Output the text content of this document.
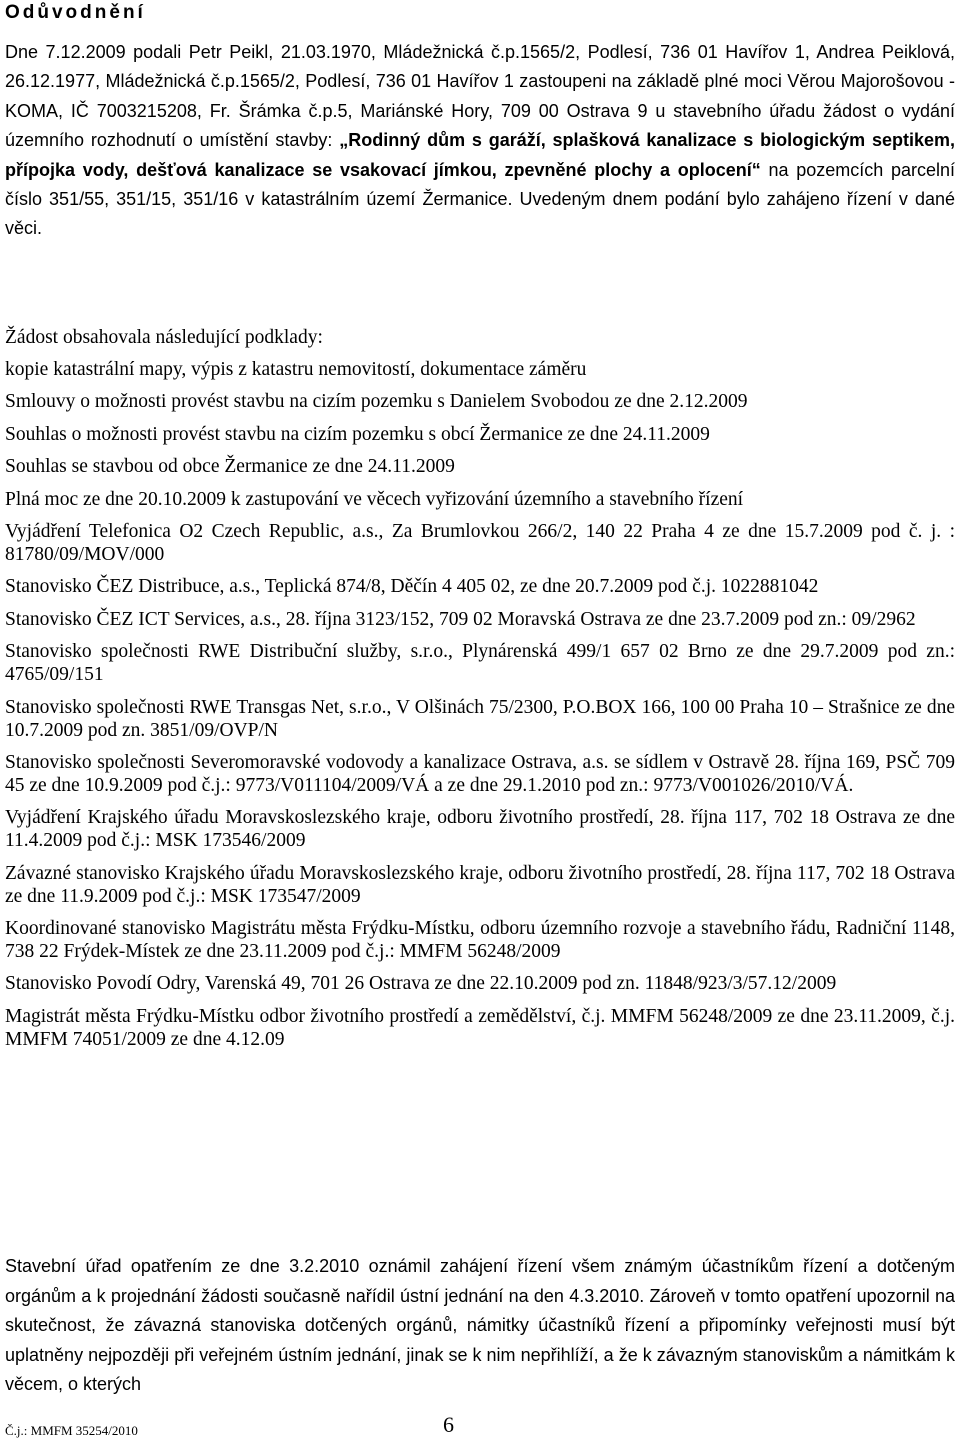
Odůvodnění

Dne 7.12.2009 podali Petr Peikl, 21.03.1970, Mládežnická č.p.1565/2, Podlesí, 736 01 Havířov 1, Andrea Peiklová, 26.12.1977, Mládežnická č.p.1565/2, Podlesí, 736 01 Havířov 1 zastoupeni na základě plné moci Věrou Majorošovou - KOMA, IČ 7003215208, Fr. Šrámka č.p.5, Mariánské Hory, 709 00 Ostrava 9 u stavebního úřadu žádost o vydání územního rozhodnutí o umístění stavby: „Rodinný dům s garáží, splašková kanalizace s biologickým septikem, přípojka vody, dešťová kanalizace se vsakovací jímkou, zpevněné plochy a oplocení“ na pozemcích parcelní číslo 351/55, 351/15, 351/16 v katastrálním území Žermanice. Uvedeným dnem podání bylo zahájeno řízení v dané věci.

Žádost obsahovala následující podklady:
kopie katastrální mapy, výpis z katastru nemovitostí, dokumentace záměru
Smlouvy o možnosti provést stavbu na cizím pozemku s Danielem Svobodou ze dne 2.12.2009
Souhlas o možnosti provést stavbu na cizím pozemku s obcí Žermanice ze dne 24.11.2009
Souhlas se stavbou od obce Žermanice ze dne 24.11.2009
Plná moc ze dne 20.10.2009 k zastupování ve věcech vyřizování územního a stavebního řízení
Vyjádření Telefonica O2 Czech Republic, a.s., Za Brumlovkou 266/2, 140 22 Praha 4 ze dne 15.7.2009 pod č. j. : 81780/09/MOV/000
Stanovisko ČEZ Distribuce, a.s., Teplická 874/8, Děčín 4 405 02, ze dne 20.7.2009 pod č.j. 1022881042
Stanovisko ČEZ ICT Services, a.s., 28. října 3123/152, 709 02 Moravská Ostrava ze dne 23.7.2009 pod zn.: 09/2962
Stanovisko společnosti RWE Distribuční služby, s.r.o., Plynárenská 499/1 657 02 Brno ze dne 29.7.2009 pod zn.: 4765/09/151
Stanovisko společnosti RWE Transgas Net, s.r.o., V Olšinách 75/2300, P.O.BOX 166, 100 00 Praha 10 – Strašnice ze dne 10.7.2009 pod zn. 3851/09/OVP/N
Stanovisko společnosti Severomoravské vodovody a kanalizace Ostrava, a.s. se sídlem v Ostravě 28. října 169, PSČ 709 45 ze dne 10.9.2009 pod č.j.: 9773/V011104/2009/VÁ a ze dne 29.1.2010 pod zn.: 9773/V001026/2010/VÁ.
Vyjádření Krajského úřadu Moravskoslezského kraje, odboru životního prostředí, 28. října 117, 702 18 Ostrava ze dne 11.4.2009 pod č.j.: MSK 173546/2009
Závazné stanovisko Krajského úřadu Moravskoslezského kraje, odboru životního prostředí, 28. října 117, 702 18 Ostrava ze dne 11.9.2009 pod č.j.: MSK 173547/2009
Koordinované stanovisko Magistrátu města Frýdku-Místku, odboru územního rozvoje a stavebního řádu, Radniční 1148, 738 22 Frýdek-Místek ze dne 23.11.2009 pod č.j.: MMFM 56248/2009
Stanovisko Povodí Odry, Varenská 49, 701 26 Ostrava ze dne 22.10.2009 pod zn. 11848/923/3/57.12/2009
Magistrát města Frýdku-Místku odbor životního prostředí a zemědělství, č.j. MMFM 56248/2009 ze dne 23.11.2009, č.j. MMFM 74051/2009 ze dne 4.12.09

Stavební úřad opatřením ze dne 3.2.2010 oznámil zahájení řízení všem známým účastníkům řízení a dotčeným orgánům a k projednání žádosti současně nařídil ústní jednání na den 4.3.2010. Zároveň v tomto opatření upozornil na skutečnost, že závazná stanoviska dotčených orgánů, námitky účastníků řízení a připomínky veřejnosti musí být uplatněny nejpozději při veřejném ústním jednání, jinak se k nim nepřihlíží, a že k závazným stanoviskům a námitkám k věcem, o kterých

Č.j.: MMFM 35254/2010	6
